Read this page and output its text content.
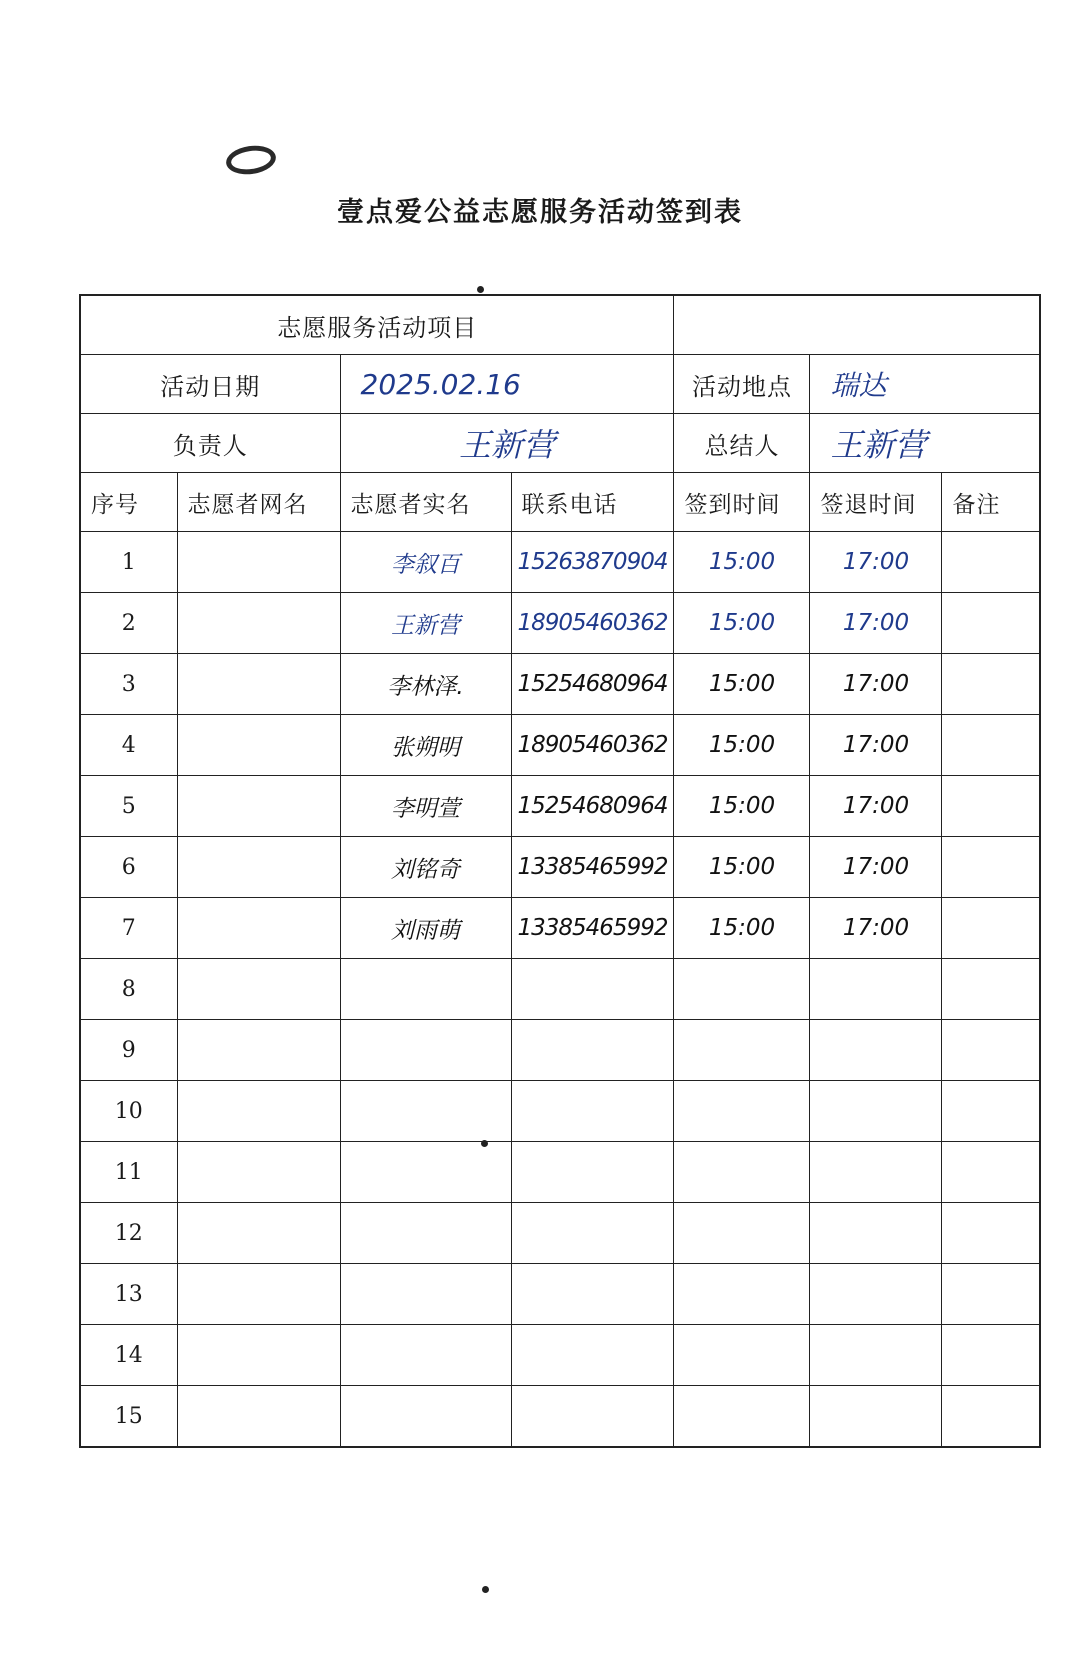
壹点爱公益志愿服务活动签到表
志愿服务活动项目						
活动日期		2025.02.16		活动地点	瑞达	
负责人		王新营		总结人	王新营	
序号	志愿者网名	志愿者实名	联系电话	签到时间	签退时间	备注
1		李叙百	15263870904	15:00	17:00	
2		王新营	18905460362	15:00	17:00	
3		李林泽.	15254680964	15:00	17:00	
4		张朔明	18905460362	15:00	17:00	
5		李明萱	15254680964	15:00	17:00	
6		刘铭奇	13385465992	15:00	17:00	
7		刘雨萌	13385465992	15:00	17:00	
8						
9						
10						
11						
12						
13						
14						
15						
